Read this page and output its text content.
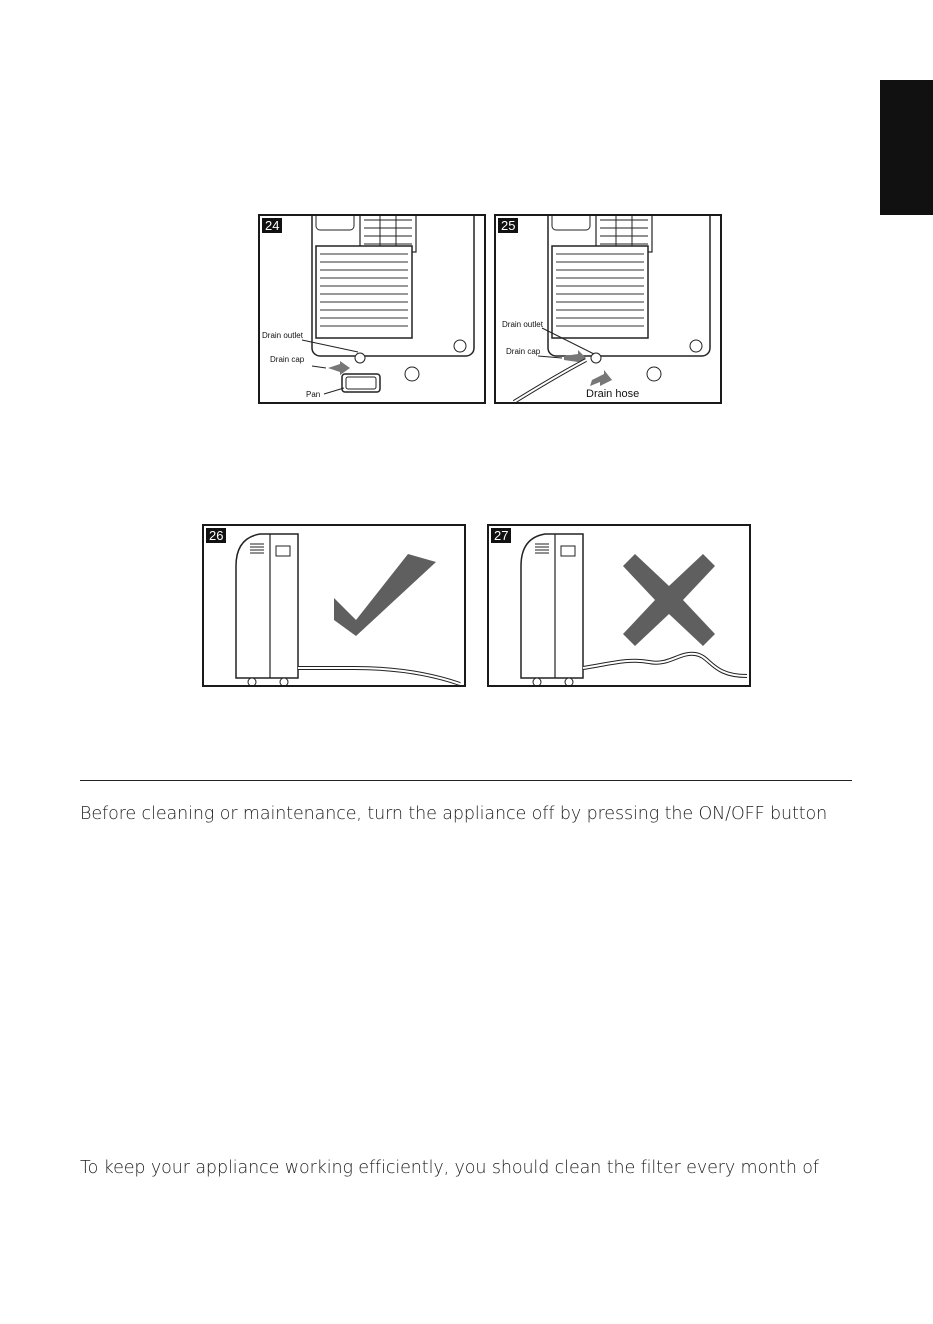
24
Drain outlet
Drain cap
Pan
25
Drain outlet
Drain cap
Drain hose
26	27
Before cleaning or maintenance, turn the appliance off by pressing the ON/OFF button
To keep your appliance working efficiently, you should clean the filter every month of
